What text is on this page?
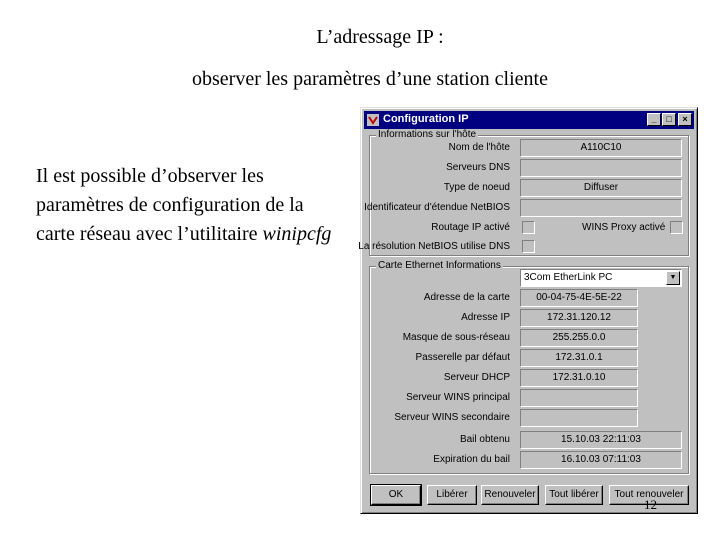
L’adressage IP :
observer les paramètres d’une station cliente
Il est possible d’observer les paramètres de configuration de la carte réseau avec l’utilitaire winipcfg
Configuration IP	_	□	×
Informations sur l'hôte
Nom de l'hôte	A110C10
Serveurs DNS
Type de noeud	Diffuser
Identificateur d'étendue NetBIOS
Routage IP activé	WINS Proxy activé
La résolution NetBIOS utilise DNS
Carte Ethernet Informations
3Com EtherLink PC	▼
Adresse de la carte	00-04-75-4E-5E-22
Adresse IP	172.31.120.12
Masque de sous-réseau	255.255.0.0
Passerelle par défaut	172.31.0.1
Serveur DHCP	172.31.0.10
Serveur WINS principal
Serveur WINS secondaire
Bail obtenu	15.10.03 22:11:03
Expiration du bail	16.10.03 07:11:03
OK	Libérer	Renouveler	Tout libérer	Tout renouveler
12
